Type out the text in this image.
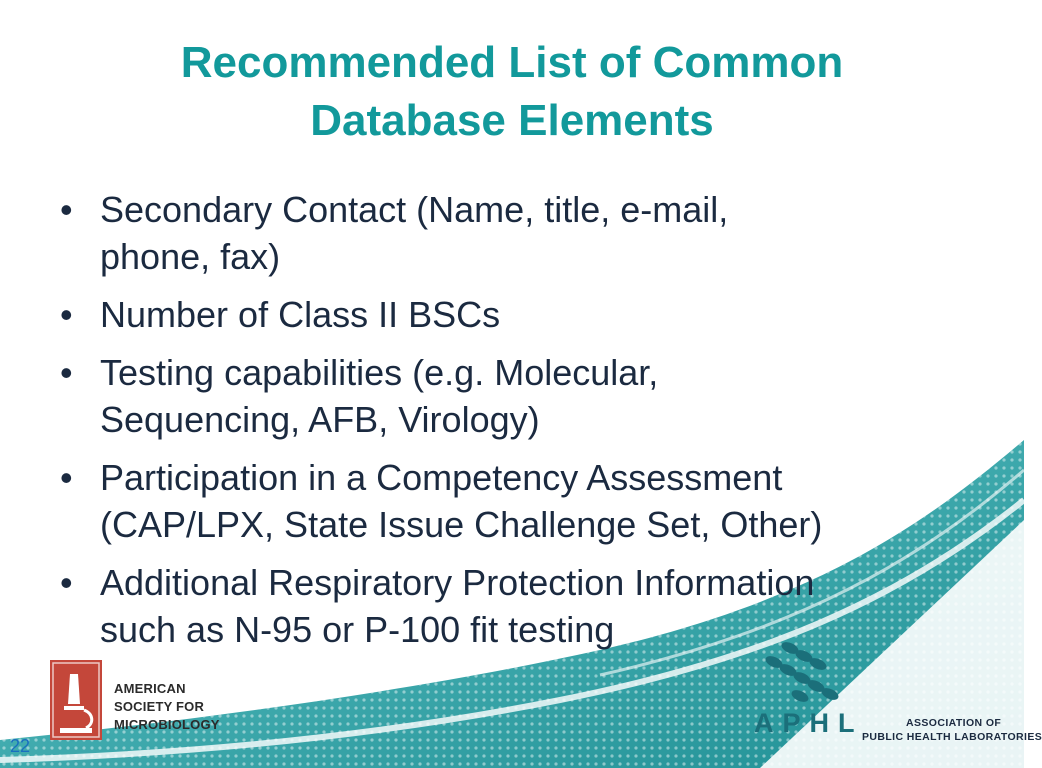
Recommended List of Common
Database Elements
• Secondary Contact (Name, title, e-mail,
phone, fax)
• Number of Class II BSCs
• Testing capabilities (e.g. Molecular,
Sequencing, AFB, Virology)
• Participation in a Competency Assessment
(CAP/LPX, State Issue Challenge Set, Other)
• Additional Respiratory Protection Information
such as N-95 or P-100 fit testing
AMERICAN
SOCIETY FOR
MICROBIOLOGY	APHL	ASSOCIATION OF
PUBLIC HEALTH LABORATORIES
22
